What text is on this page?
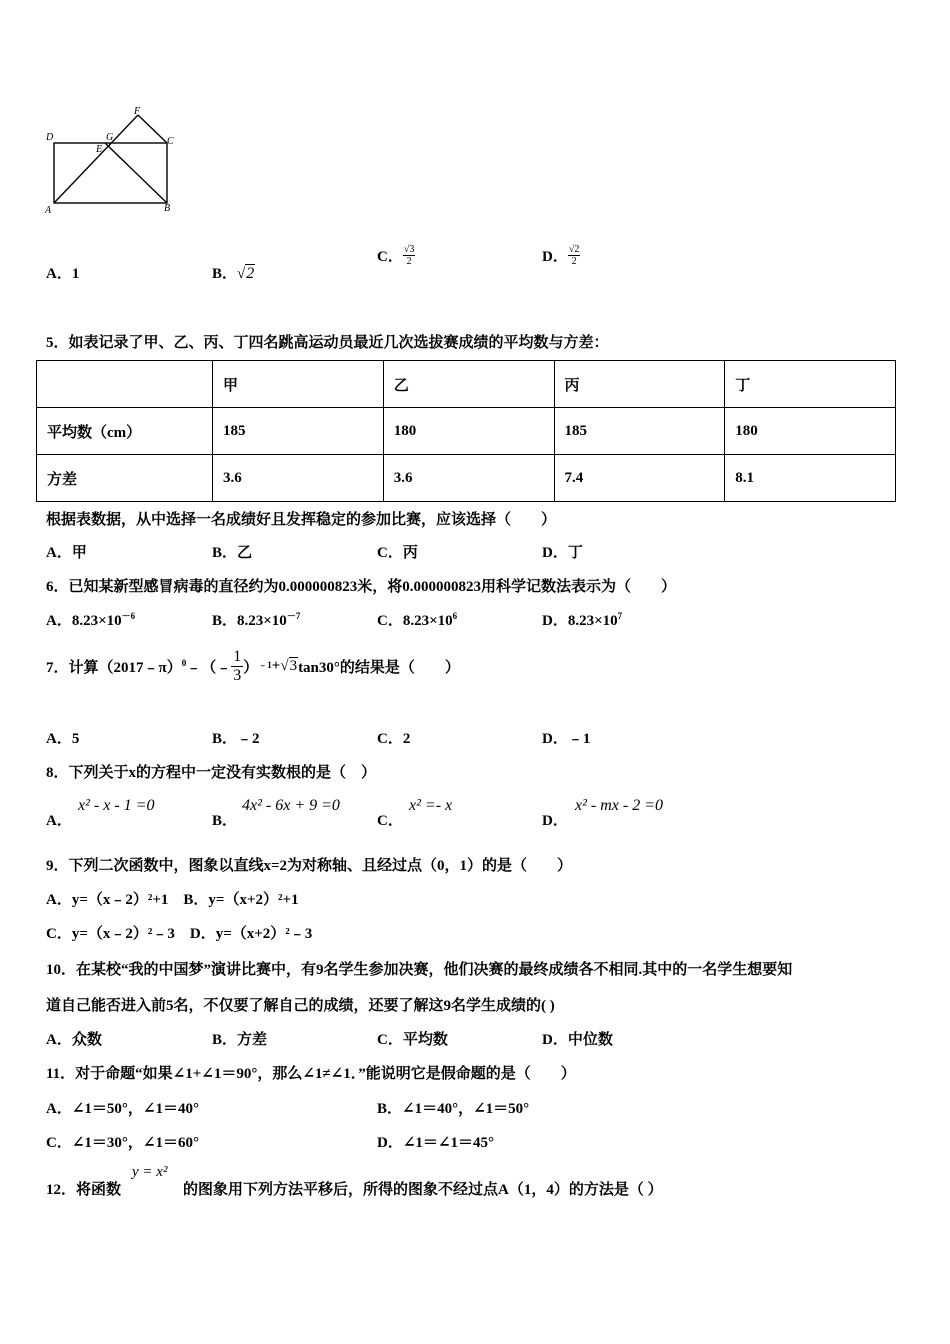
D	G	C
E
F
A	B
A．1	B．√2
C． $\frac{√3}{2}$	D． $\frac{√2}{2}$
5．如表记录了甲、乙、丙、丁四名跳高运动员最近几次选拔赛成绩的平均数与方差：
	甲	乙	丙	丁
平均数（cm）	185	180	185	180
方差	3.6	3.6	7.4	8.1
根据表数据，从中选择一名成绩好且发挥稳定的参加比赛，应该选择（　　）
A．甲	B．乙	C．丙	D．丁
6．已知某新型感冒病毒的直径约为0.000000823米，将0.000000823用科学记数法表示为（　　）
A．$8.23\times 10^{-6}$	B．$8.23\times 10^{-7}$	C．$8.23\times 10^6$	D．$8.23\times 10^7$
7．计算（2017﹣π）$^0$ ﹣（﹣ $\frac{1}{3}$ ） ﹣1 + √3 tan30°的结果是（　　）
A．5	B．﹣2	C．2	D．﹣1
8．下列关于x的方程中一定没有实数根的是（　）
A．
x² - x - 1 =0
B．
4x² - 6x + 9 =0
C．
x² =- x
D．
x² - mx - 2 =0
9．下列二次函数中，图象以直线x=2为对称轴、且经过点（0，1）的是（　　）
A．y=（x﹣2）²+1　B．y=（x+2）²+1
C．y=（x﹣2）²﹣3　D．y=（x+2）²﹣3
10．在某校“我的中国梦”演讲比赛中，有9名学生参加决赛，他们决赛的最终成绩各不相同.其中的一名学生想要知
道自己能否进入前5名，不仅要了解自己的成绩，还要了解这9名学生成绩的( )
A．众数	B．方差	C．平均数	D．中位数
11．对于命题“如果∠1+∠1＝90°，那么∠1≠∠1．”能说明它是假命题的是（　　）
A．∠1＝50°，∠1＝40°	B．∠1＝40°，∠1＝50°
C．∠1＝30°，∠1＝60°	D．∠1＝∠1＝45°
12．将函数
y = x²
的图象用下列方法平移后，所得的图象不经过点A（1，4）的方法是（ ）
